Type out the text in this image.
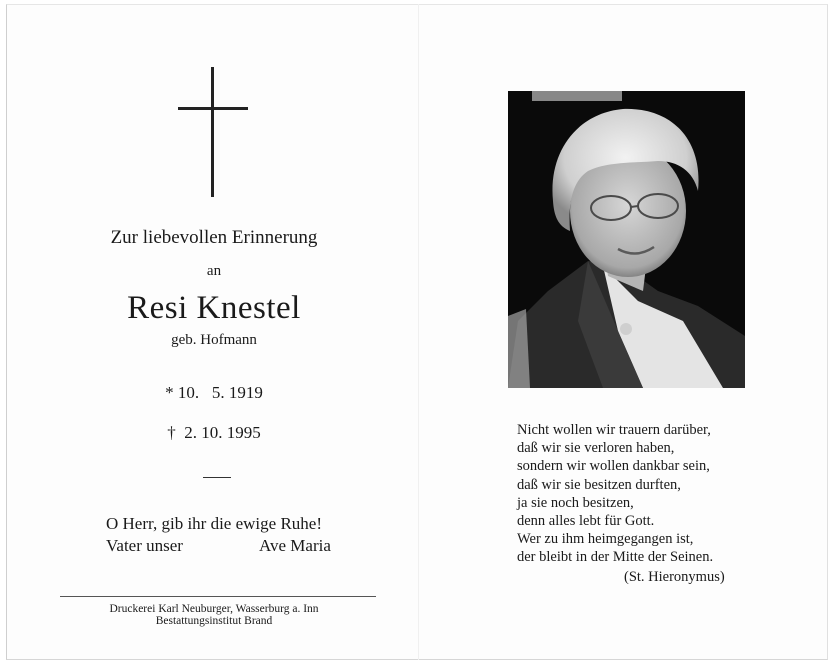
Zur liebevollen Erinnerung
an
Resi Knestel
geb. Hofmann
* 10.   5. 1919
†  2. 10. 1995
O Herr, gib ihr die ewige Ruhe!
Vater unser	Ave Maria
Druckerei Karl Neuburger, Wasserburg a. Inn
Bestattungsinstitut Brand
Nicht wollen wir trauern darüber,
daß wir sie verloren haben,
sondern wir wollen dankbar sein,
daß wir sie besitzen durften,
ja sie noch besitzen,
denn alles lebt für Gott.
Wer zu ihm heimgegangen ist,
der bleibt in der Mitte der Seinen.
(St. Hieronymus)
